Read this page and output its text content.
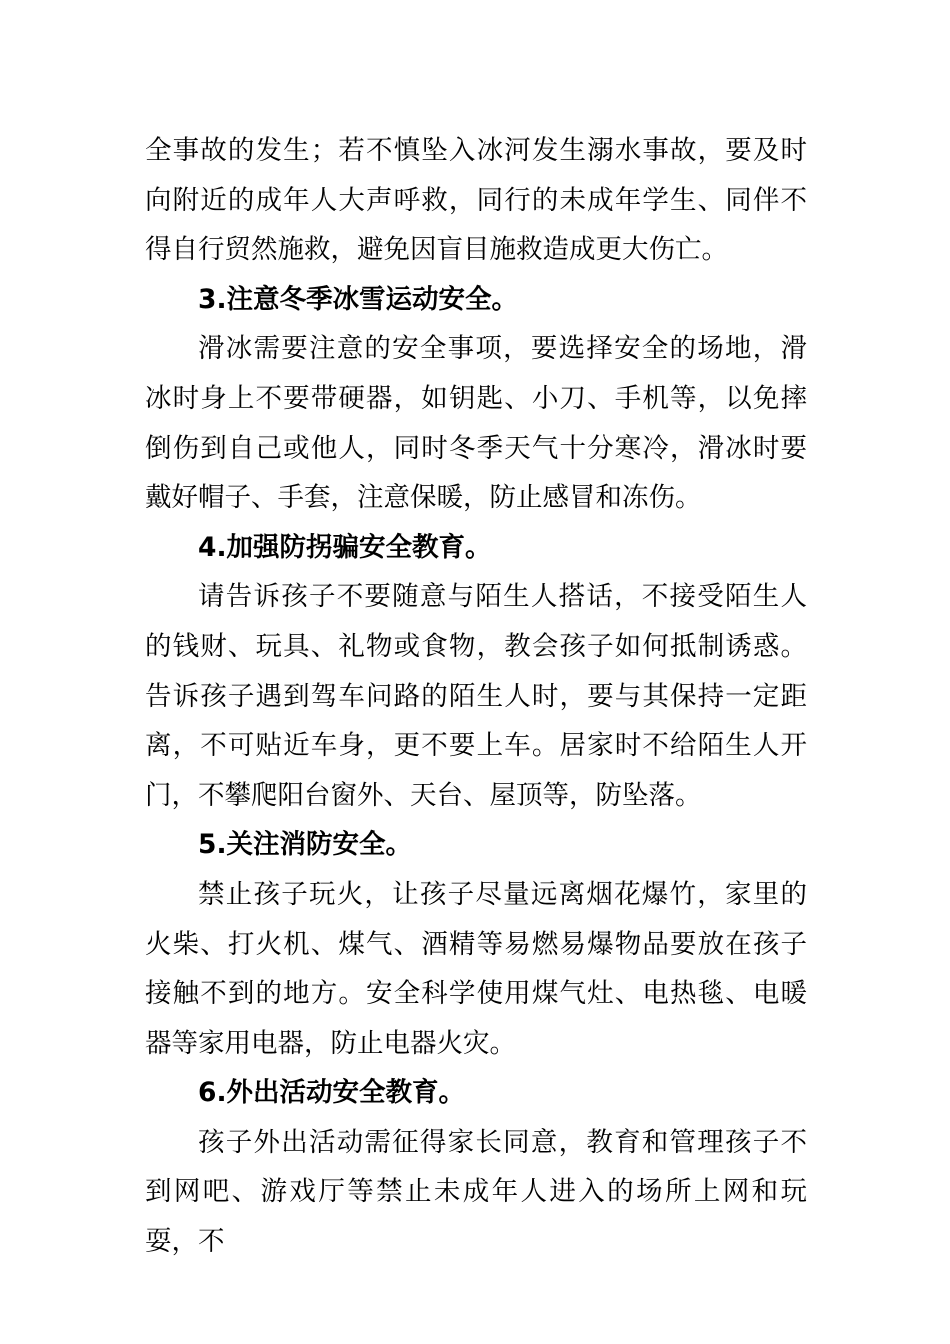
全事故的发生；若不慎坠入冰河发生溺水事故，要及时向附近的成年人大声呼救，同行的未成年学生、同伴不得自行贸然施救，避免因盲目施救造成更大伤亡。

3.注意冬季冰雪运动安全。

滑冰需要注意的安全事项，要选择安全的场地，滑冰时身上不要带硬器，如钥匙、小刀、手机等，以免摔倒伤到自己或他人，同时冬季天气十分寒冷，滑冰时要戴好帽子、手套，注意保暖，防止感冒和冻伤。

4.加强防拐骗安全教育。

请告诉孩子不要随意与陌生人搭话，不接受陌生人的钱财、玩具、礼物或食物，教会孩子如何抵制诱惑。告诉孩子遇到驾车问路的陌生人时，要与其保持一定距离，不可贴近车身，更不要上车。居家时不给陌生人开门，不攀爬阳台窗外、天台、屋顶等，防坠落。

5.关注消防安全。

禁止孩子玩火，让孩子尽量远离烟花爆竹，家里的火柴、打火机、煤气、酒精等易燃易爆物品要放在孩子接触不到的地方。安全科学使用煤气灶、电热毯、电暖器等家用电器，防止电器火灾。

6.外出活动安全教育。

孩子外出活动需征得家长同意，教育和管理孩子不到网吧、游戏厅等禁止未成年人进入的场所上网和玩耍，不
